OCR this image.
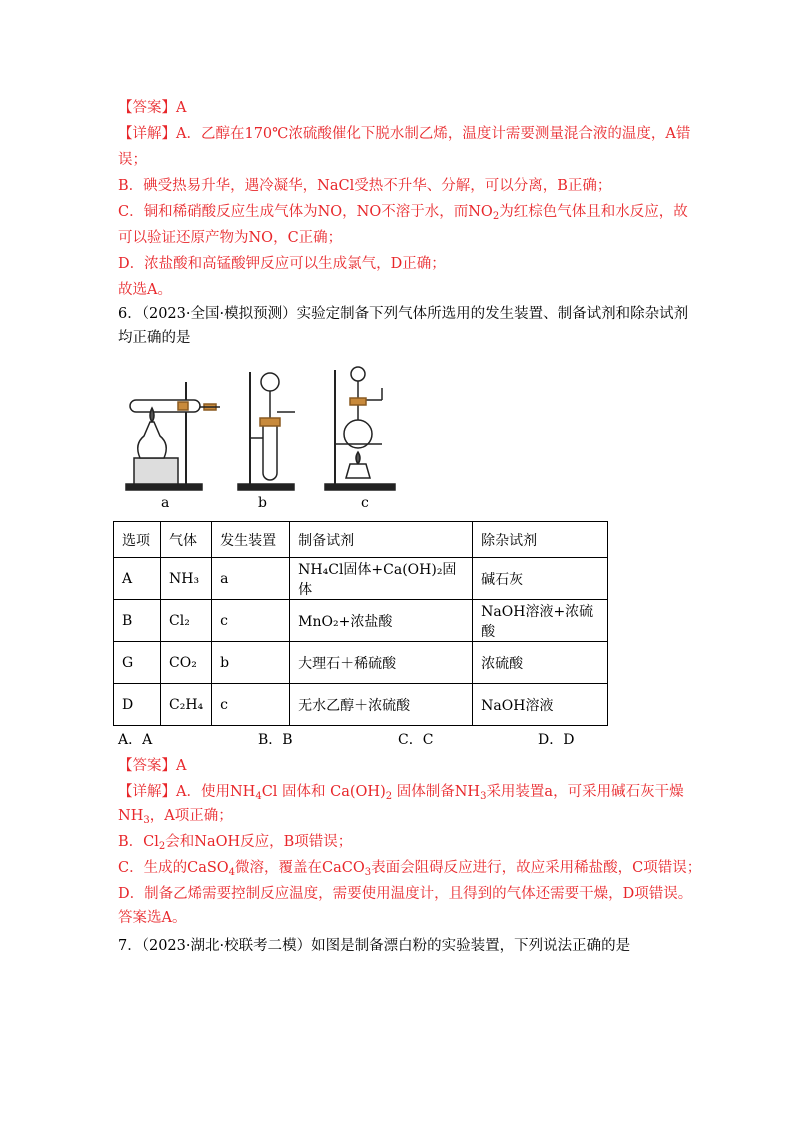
【答案】A
【详解】A．乙醇在170℃浓硫酸催化下脱水制乙烯，温度计需要测量混合液的温度，A错
误；
B．碘受热易升华，遇冷凝华，NaCl受热不升华、分解，可以分离，B正确；
C．铜和稀硝酸反应生成气体为NO，NO不溶于水，而$NO_2$为红棕色气体且和水反应，故
可以验证还原产物为NO，C正确；
D．浓盐酸和高锰酸钾反应可以生成氯气，D正确；
故选A。
6．（2023·全国·模拟预测）实验定制备下列气体所选用的发生装置、制备试剂和除杂试剂
均正确的是
a	b	c
选项	气体	发生装置	制备试剂	除杂试剂
A	NH₃	a	NH₄Cl固体+Ca(OH)₂固体	碱石灰
B	Cl₂	c	MnO₂+浓盐酸	NaOH溶液+浓硫酸
G	CO₂	b	大理石＋稀硫酸	浓硫酸
D	C₂H₄	c	无水乙醇＋浓硫酸	NaOH溶液
A．A	B．B	C．C	D．D
【答案】A
【详解】A．使用$NH_4Cl$ 固体和 $Ca(OH)_2$ 固体制备$NH_3$采用装置a，可采用碱石灰干燥
$NH_3$，A项正确；
B．$Cl_2$会和NaOH反应，B项错误；
C．生成的CaSO$_4$微溶，覆盖在CaCO$_3$表面会阻碍反应进行，故应采用稀盐酸，C项错误；
D．制备乙烯需要控制反应温度，需要使用温度计，且得到的气体还需要干燥，D项错误。
答案选A。
7．（2023·湖北·校联考二模）如图是制备漂白粉的实验装置，下列说法正确的是
